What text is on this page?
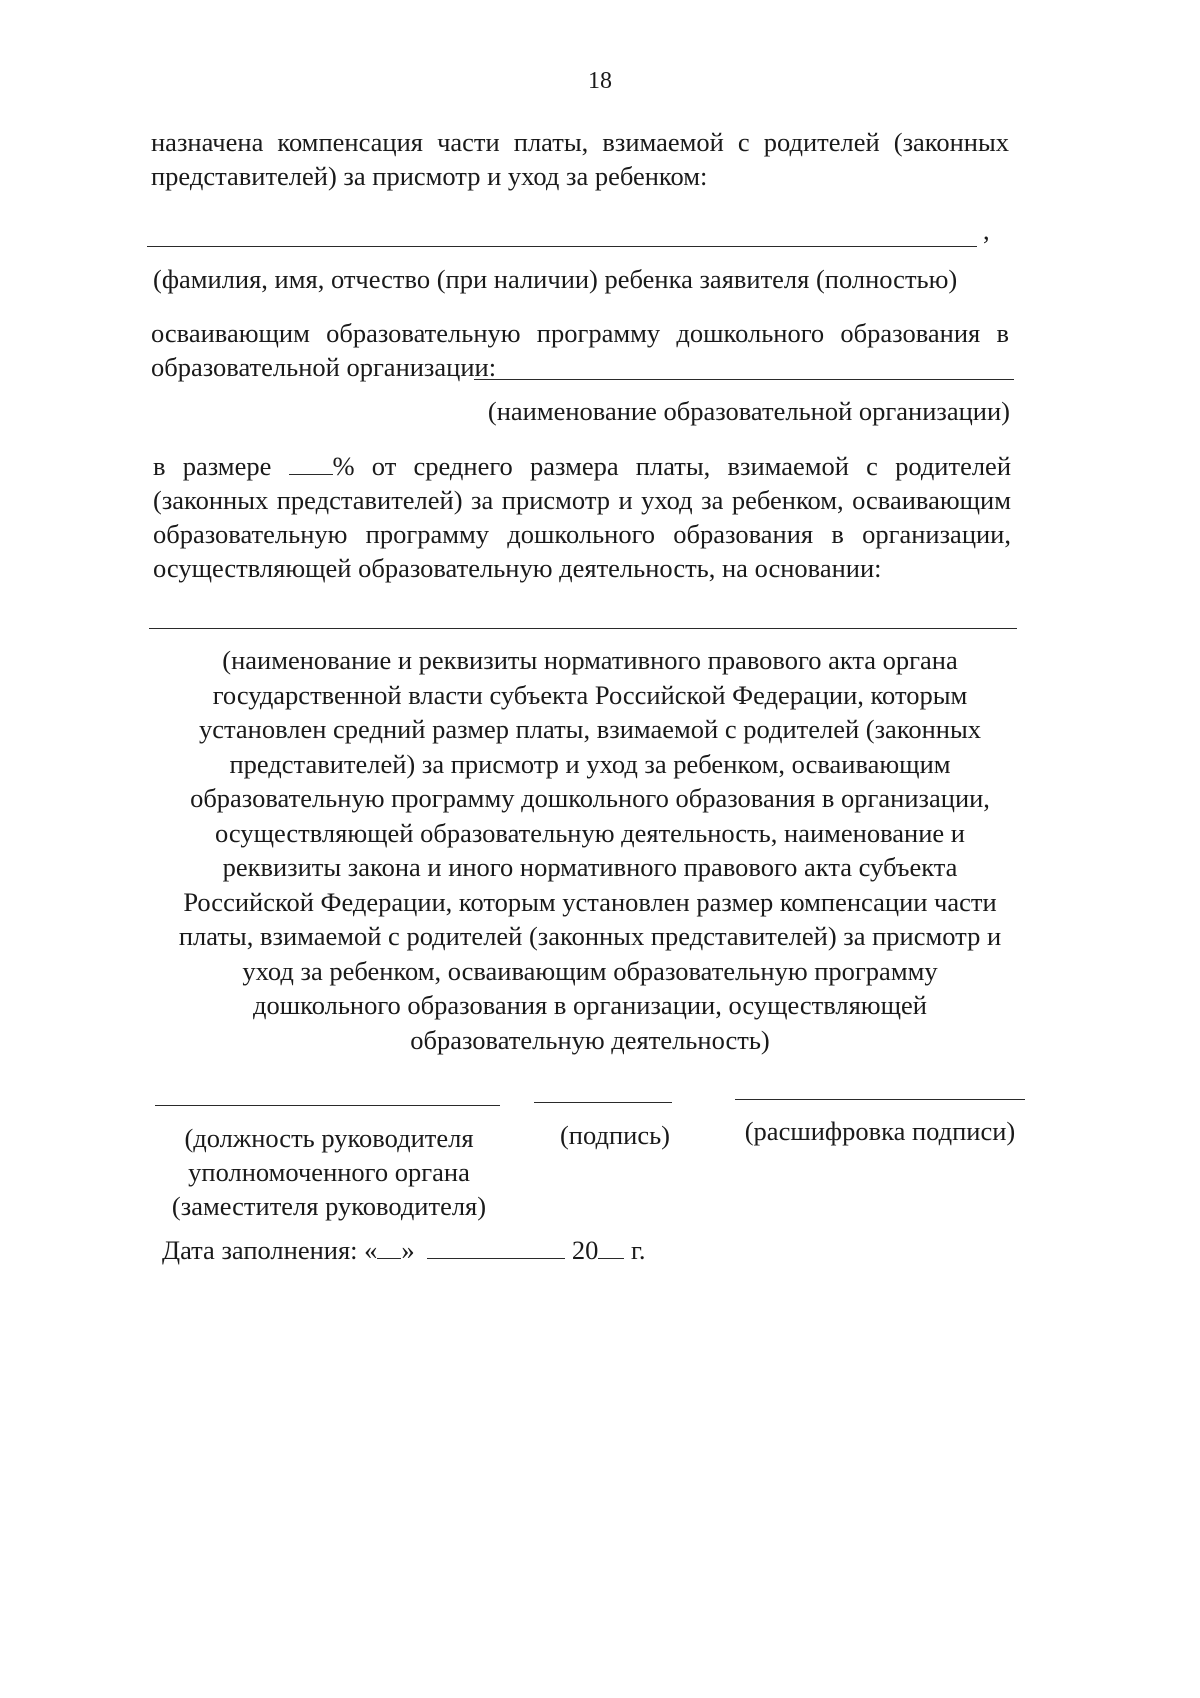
18
назначена компенсация части платы, взимаемой с родителей (законных
представителей) за присмотр и уход за ребенком:
,
(фамилия, имя, отчество (при наличии) ребенка заявителя (полностью)
осваивающим образовательную программу дошкольного образования в
образовательной организации:
(наименование образовательной организации)
в размере % от среднего размера платы, взимаемой с родителей
(законных представителей) за присмотр и уход за ребенком, осваивающим
образовательную программу дошкольного образования в организации,
осуществляющей образовательную деятельность, на основании:
(наименование и реквизиты нормативного правового акта органа
государственной власти субъекта Российской Федерации, которым
установлен средний размер платы, взимаемой с родителей (законных
представителей) за присмотр и уход за ребенком, осваивающим
образовательную программу дошкольного образования в организации,
осуществляющей образовательную деятельность, наименование и
реквизиты закона и иного нормативного правового акта субъекта
Российской Федерации, которым установлен размер компенсации части
платы, взимаемой с родителей (законных представителей) за присмотр и
уход за ребенком, осваивающим образовательную программу
дошкольного образования в организации, осуществляющей
образовательную деятельность)
(должность руководителя
уполномоченного органа
(заместителя руководителя)
(подпись)	(расшифровка подписи)
Дата заполнения: « »	20 г.
